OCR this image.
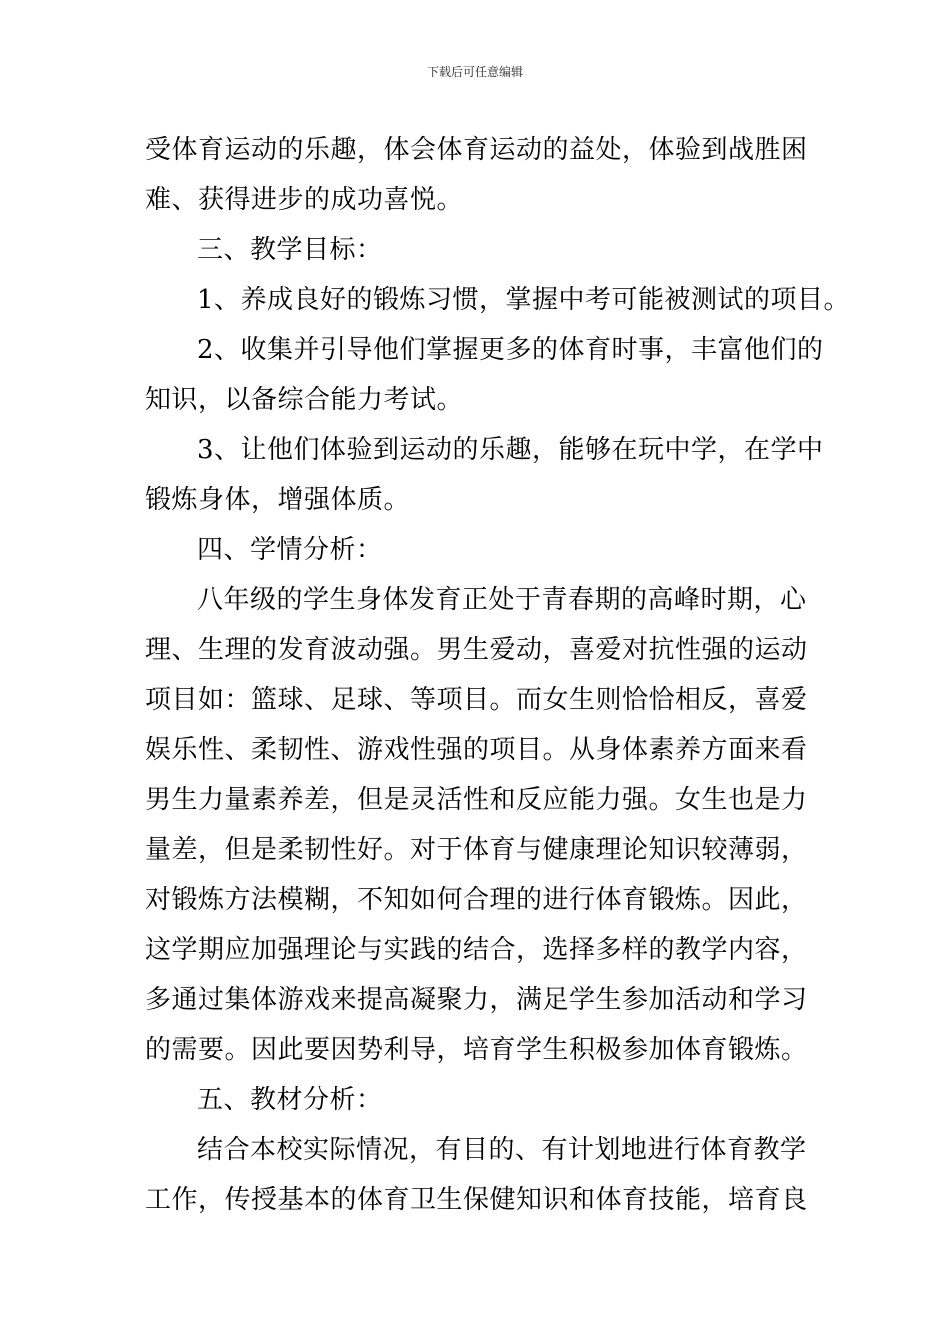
下载后可任意编辑
受体育运动的乐趣，体会体育运动的益处，体验到战胜困
难、获得进步的成功喜悦。
三、教学目标：
1、养成良好的锻炼习惯，掌握中考可能被测试的项目。
2、收集并引导他们掌握更多的体育时事，丰富他们的
知识，以备综合能力考试。
3、让他们体验到运动的乐趣，能够在玩中学，在学中
锻炼身体，增强体质。
四、学情分析：
八年级的学生身体发育正处于青春期的高峰时期，心
理、生理的发育波动强。男生爱动，喜爱对抗性强的运动
项目如：篮球、足球、等项目。而女生则恰恰相反，喜爱
娱乐性、柔韧性、游戏性强的项目。从身体素养方面来看
男生力量素养差，但是灵活性和反应能力强。女生也是力
量差，但是柔韧性好。对于体育与健康理论知识较薄弱，
对锻炼方法模糊，不知如何合理的进行体育锻炼。因此，
这学期应加强理论与实践的结合，选择多样的教学内容，
多通过集体游戏来提高凝聚力，满足学生参加活动和学习
的需要。因此要因势利导，培育学生积极参加体育锻炼。
五、教材分析：
结合本校实际情况，有目的、有计划地进行体育教学
工作，传授基本的体育卫生保健知识和体育技能，培育良
